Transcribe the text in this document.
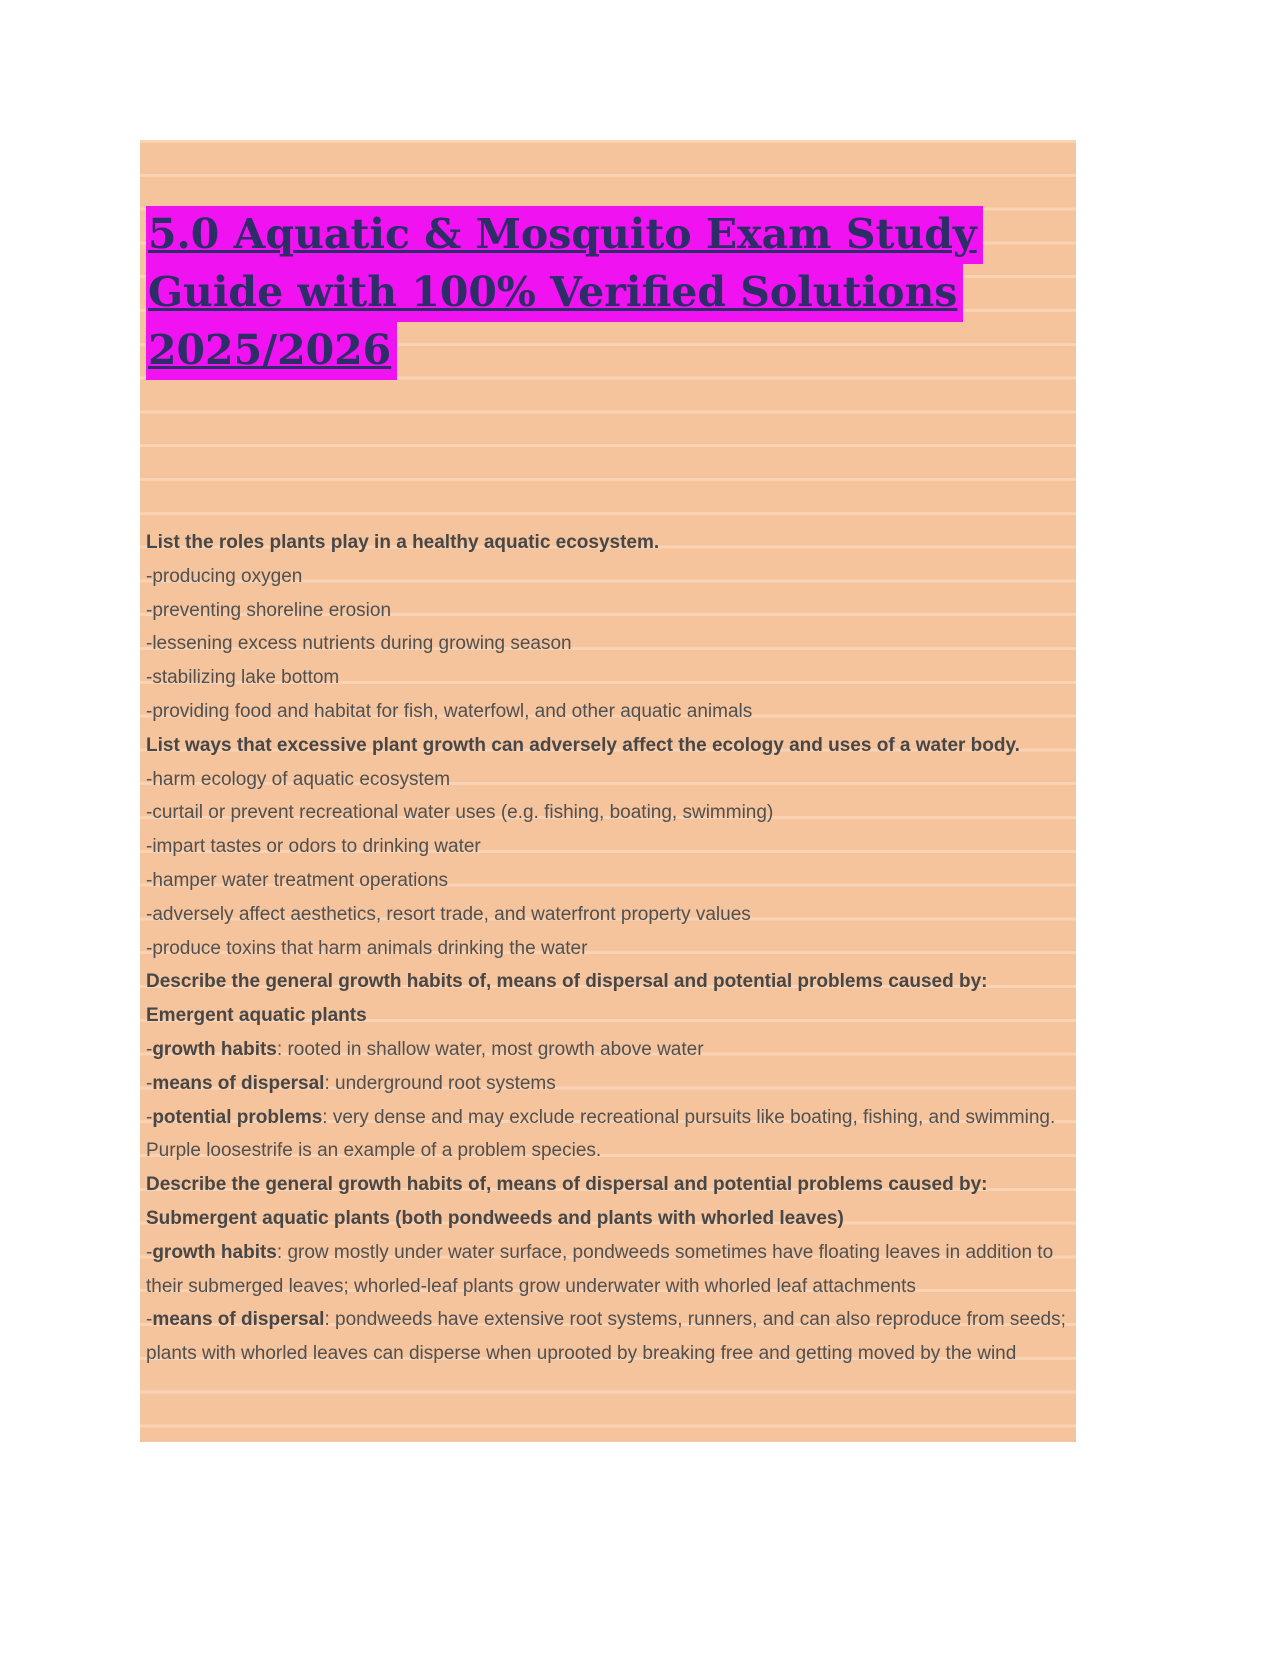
5.0 Aquatic & Mosquito Exam Study
Guide with 100% Verified Solutions
2025/2026
List the roles plants play in a healthy aquatic ecosystem.
-producing oxygen
-preventing shoreline erosion
-lessening excess nutrients during growing season
-stabilizing lake bottom
-providing food and habitat for fish, waterfowl, and other aquatic animals
List ways that excessive plant growth can adversely affect the ecology and uses of a water body.
-harm ecology of aquatic ecosystem
-curtail or prevent recreational water uses (e.g. fishing, boating, swimming)
-impart tastes or odors to drinking water
-hamper water treatment operations
-adversely affect aesthetics, resort trade, and waterfront property values
-produce toxins that harm animals drinking the water
Describe the general growth habits of, means of dispersal and potential problems caused by:
Emergent aquatic plants
-growth habits: rooted in shallow water, most growth above water
-means of dispersal: underground root systems
-potential problems: very dense and may exclude recreational pursuits like boating, fishing, and swimming. Purple loosestrife is an example of a problem species.
Describe the general growth habits of, means of dispersal and potential problems caused by:
Submergent aquatic plants (both pondweeds and plants with whorled leaves)
-growth habits: grow mostly under water surface, pondweeds sometimes have floating leaves in addition to their submerged leaves; whorled-leaf plants grow underwater with whorled leaf attachments
-means of dispersal: pondweeds have extensive root systems, runners, and can also reproduce from seeds; plants with whorled leaves can disperse when uprooted by breaking free and getting moved by the wind
